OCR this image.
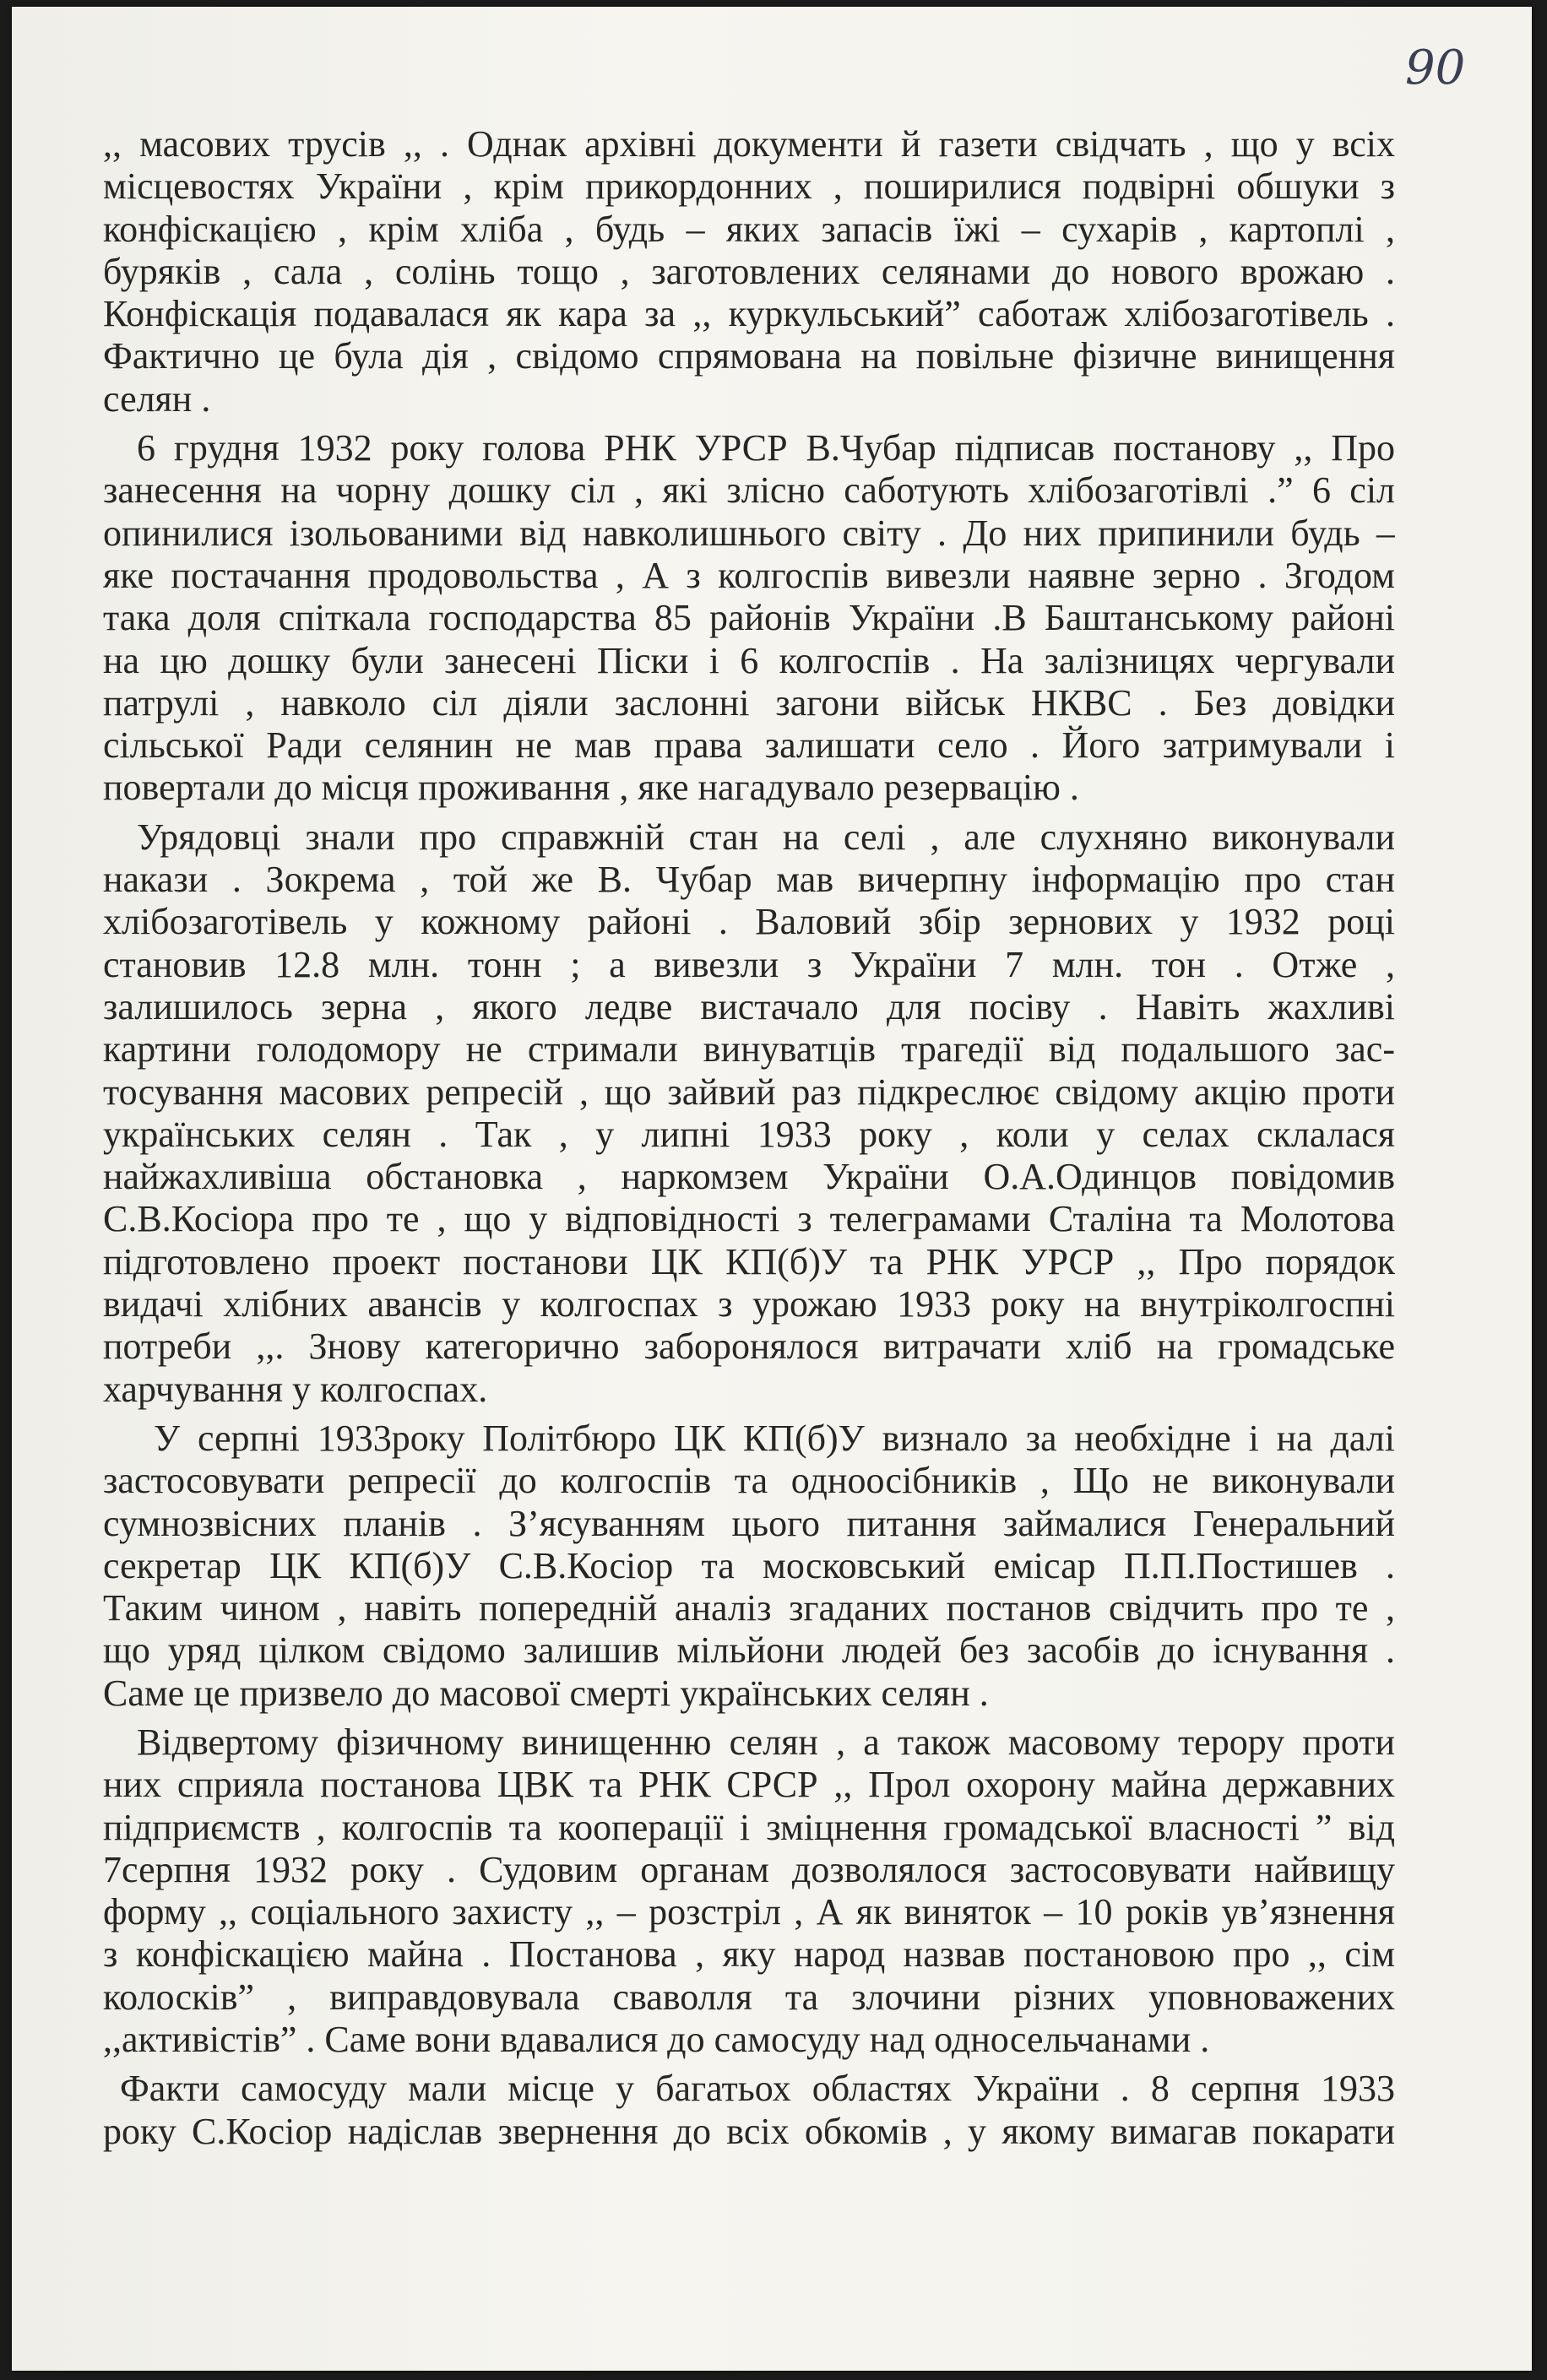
90
,, масових трусів ,, . Однак архівні документи й газети свідчать , що у всіх
місцевостях України , крім прикордонних , поширилися подвірні обшуки з
конфіскацією , крім хліба , будь – яких запасів їжі – сухарів , картоплі ,
буряків , сала , солінь тощо , заготовлених селянами до нового врожаю .
Конфіскація подавалася як кара за ,, куркульський” саботаж хлібозаготівель .
Фактично це була дія , свідомо спрямована на повільне фізичне винищення
селян .
6 грудня 1932 року голова РНК УРСР В.Чубар підписав постанову ,, Про
занесення на чорну дошку сіл , які злісно саботують хлібозаготівлі .” 6 сіл
опинилися ізольованими від навколишнього світу . До них припинили будь –
яке постачання продовольства , А з колгоспів вивезли наявне зерно . Згодом
така доля спіткала господарства 85 районів України .В Баштанському районі
на цю дошку були занесені Піски і 6 колгоспів . На залізницях чергували
патрулі , навколо сіл діяли заслонні загони військ НКВС . Без довідки
сільської Ради селянин не мав права залишати село . Його затримували і
повертали до місця проживання , яке нагадувало резервацію .
Урядовці знали про справжній стан на селі , але слухняно виконували
накази . Зокрема , той же В. Чубар мав вичерпну інформацію про стан
хлібозаготівель у кожному районі . Валовий збір зернових у 1932 році
становив 12.8 млн. тонн ; а вивезли з України 7 млн. тон . Отже ,
залишилось зерна , якого ледве вистачало для посіву . Навіть жахливі
картини голодомору не стримали винуватців трагедії від подальшого зас-
тосування масових репресій , що зайвий раз підкреслює свідому акцію проти
українських селян . Так , у липні 1933 року , коли у селах склалася
найжахливіша обстановка , наркомзем України О.А.Одинцов повідомив
С.В.Косіора про те , що у відповідності з телеграмами Сталіна та Молотова
підготовлено проект постанови ЦК КП(б)У та РНК УРСР ,, Про порядок
видачі хлібних авансів у колгоспах з урожаю 1933 року на внутріколгоспні
потреби ,,. Знову категорично заборонялося витрачати хліб на громадське
харчування у колгоспах.
У серпні 1933року Політбюро ЦК КП(б)У визнало за необхідне і на далі
застосовувати репресії до колгоспів та одноосібників , Що не виконували
сумнозвісних планів . З’ясуванням цього питання займалися Генеральний
секретар ЦК КП(б)У С.В.Косіор та московський емісар П.П.Постишев .
Таким чином , навіть попередній аналіз згаданих постанов свідчить про те ,
що уряд цілком свідомо залишив мільйони людей без засобів до існування .
Саме це призвело до масової смерті українських селян .
Відвертому фізичному винищенню селян , а також масовому терору проти
них сприяла постанова ЦВК та РНК СРСР ,, Прол охорону майна державних
підприємств , колгоспів та кооперації і зміцнення громадської власності ” від
7серпня 1932 року . Судовим органам дозволялося застосовувати найвищу
форму ,, соціального захисту ,, – розстріл , А як виняток – 10 років ув’язнення
з конфіскацією майна . Постанова , яку народ назвав постановою про ,, сім
колосків” , виправдовувала сваволля та злочини різних уповноважених
,,активістів” . Саме вони вдавалися до самосуду над односельчанами .
Факти самосуду мали місце у багатьох областях України . 8 серпня 1933
року С.Косіор надіслав звернення до всіх обкомів , у якому вимагав покарати
